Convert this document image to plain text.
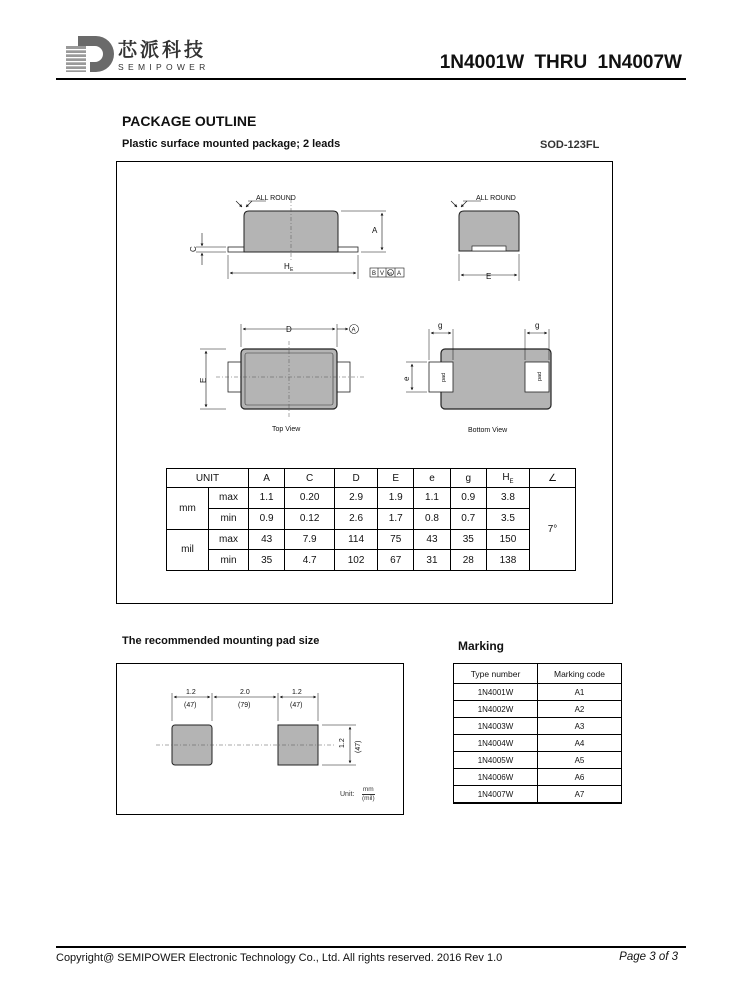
芯派科技
SEMIPOWER	1N4001W THRU 1N4007W
PACKAGE OUTLINE
Plastic surface mounted package; 2 leads	SOD-123FL
ALL ROUND
A
C
H E
B V M A
ALL ROUND
E
D	A
E
Top View
g	g
e	pad	pad
Bottom View
UNIT		A	C	D	E	e	g	$H_E$	∠
mm	max	1.1	0.20	2.9	1.9	1.1	0.9	3.8	7°
	min	0.9	0.12	2.6	1.7	0.8	0.7	3.5	
mil	max	43	7.9	114	75	43	35	150	
	min	35	4.7	102	67	31	28	138	
The recommended mounting pad size
1.2
(47)
2.0
(79)
1.2
(47)
1.2 (47)
Unit:
mm
(mil)
Marking
Type number	Marking code
1N4001W	A1
1N4002W	A2
1N4003W	A3
1N4004W	A4
1N4005W	A5
1N4006W	A6
1N4007W	A7
Copyright@ SEMIPOWER Electronic Technology Co., Ltd. All rights reserved. 2016 Rev 1.0	Page 3 of 3
